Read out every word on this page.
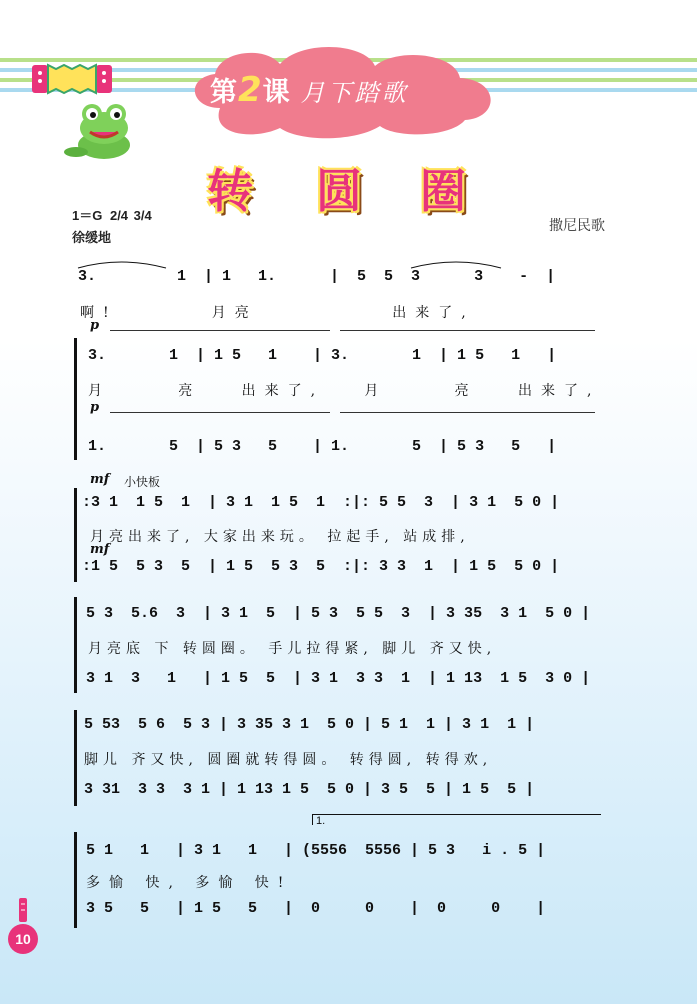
第2课 月下踏歌
转 圆 圈
1＝G 2/4 3/4
徐缓地
撒尼民歌
3.         1  | 1   1.      |  5  5  3      3    -  |
啊!       月亮          出来了,
p
3.       1  | 1 5   1    | 3.       1  | 1 5   1   |
月     亮   出来了,   月     亮   出来了,
p
1.       5  | 5 3   5    | 1.       5  | 5 3   5   |
mf 小快板
:3 1  1 5  1  | 3 1  1 5  1  :|: 5 5  3  | 3 1  5 0 |
月亮出来了, 大家出来玩。 拉起手, 站成排,
mf
:1 5  5 3  5  | 1 5  5 3  5  :|: 3 3  1  | 1 5  5 0 |
5 3  5.6  3  | 3 1  5  | 5 3  5 5  3  | 3 35  3 1  5 0 |
月亮底 下 转圆圈。 手儿拉得紧, 脚儿 齐又快,
3 1  3   1   | 1 5  5  | 3 1  3 3  1  | 1 13  1 5  3 0 |
5 53  5 6  5 3 | 3 35 3 1  5 0 | 5 1  1 | 3 1  1 |
脚儿 齐又快, 圆圈就转得圆。 转得圆, 转得欢,
3 31  3 3  3 1 | 1 13 1 5  5 0 | 3 5  5 | 1 5  5 |
1.
5 1   1   | 3 1   1   | (5556  5556 | 5 3   i . 5 |
多愉 快, 多愉 快!
3 5   5   | 1 5   5   |  0     0    |  0     0    |
10
